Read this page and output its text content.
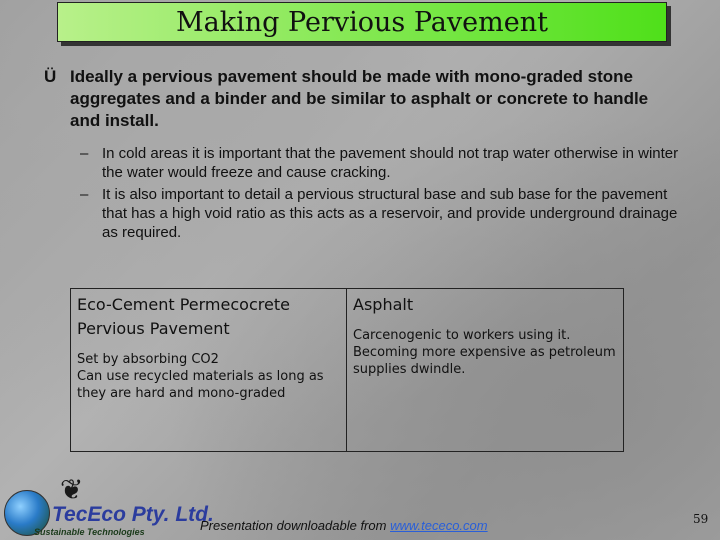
Making Pervious Pavement
Ü Ideally a pervious pavement should be made with mono-graded stone aggregates and a binder and be similar to asphalt or concrete to handle and install.
– In cold areas it is important that the pavement should not trap water otherwise in winter the water would freeze and cause cracking.
– It is also important to detail a pervious structural base and sub base for the pavement that has a high void ratio as this acts as a reservoir, and provide underground drainage as required.
Eco-Cement Permecocrete Pervious Pavement
Set by absorbing CO2
Can use recycled materials as long as they are hard and mono-graded
Asphalt
Carcenogenic to workers using it.
Becoming more expensive as petroleum supplies dwindle.
❦
TecEco Pty. Ltd.
Sustainable Technologies	Presentation downloadable from www.tececo.com	59
